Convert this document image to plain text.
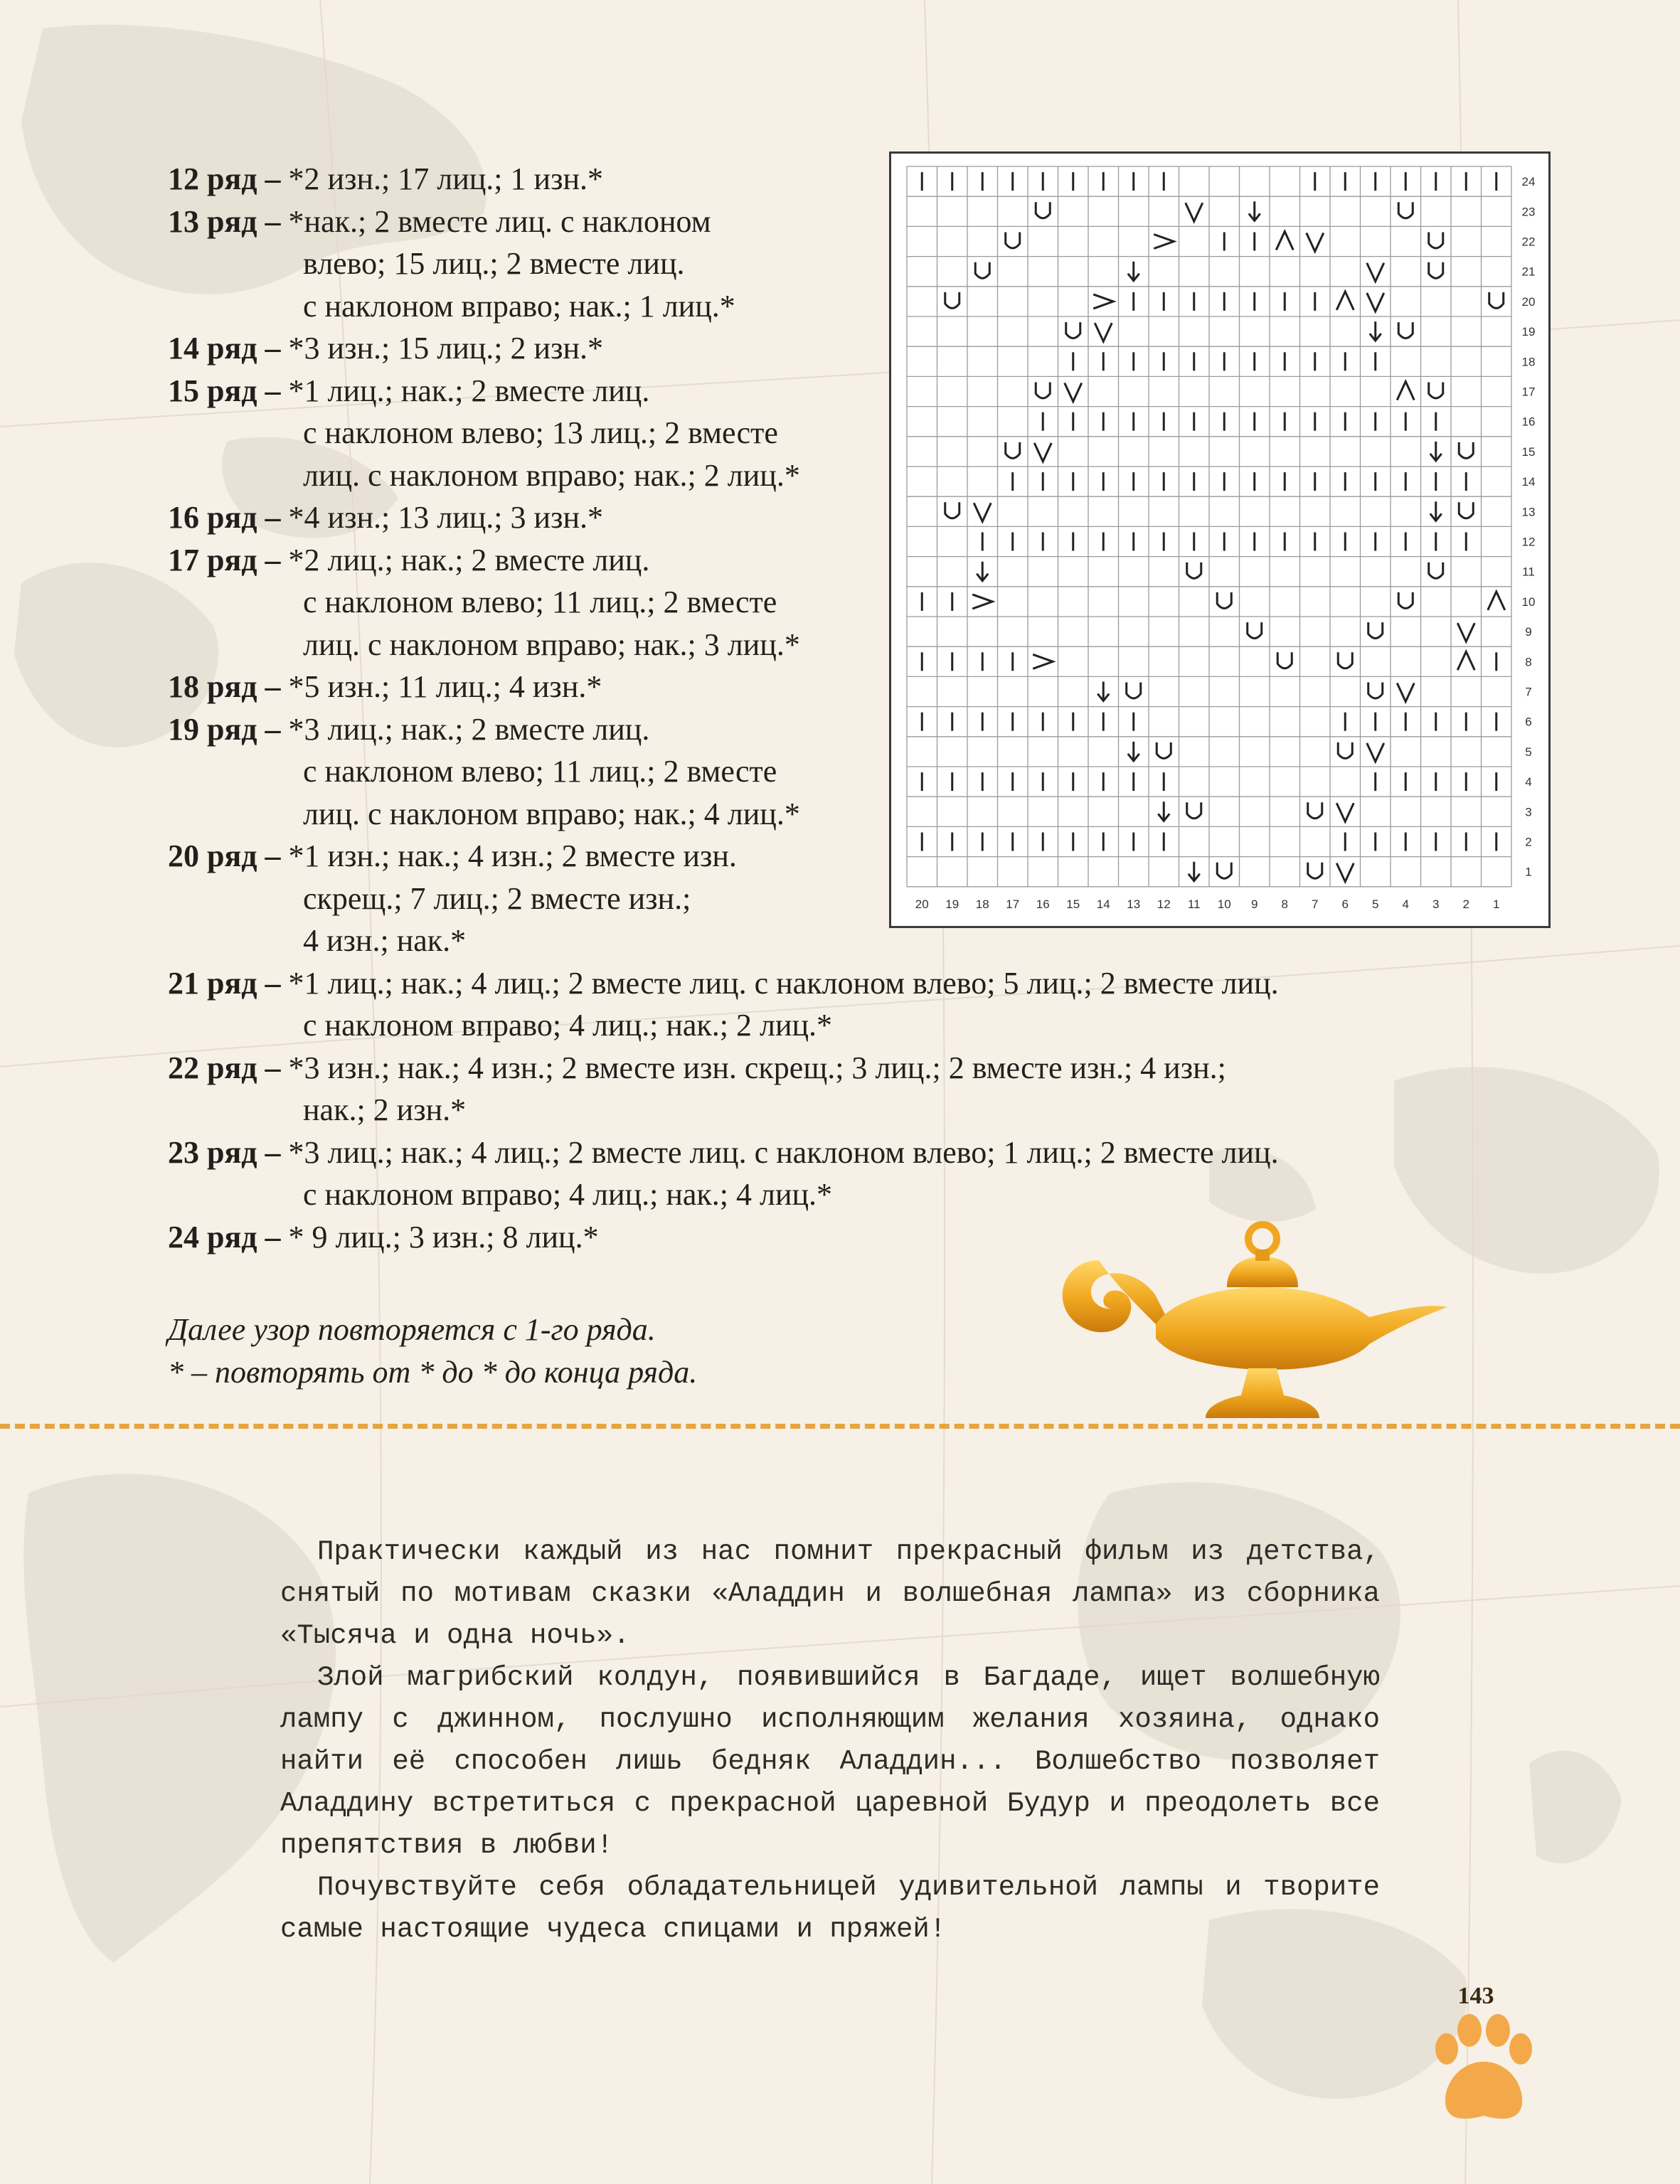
12 ряд – *2 изн.; 17 лиц.; 1 изн.*
13 ряд – *нак.; 2 вместе лиц. с наклоном
влево; 15 лиц.; 2 вместе лиц.
с наклоном вправо; нак.; 1 лиц.*
14 ряд – *3 изн.; 15 лиц.; 2 изн.*
15 ряд – *1 лиц.; нак.; 2 вместе лиц.
с наклоном влево; 13 лиц.; 2 вместе
лиц. с наклоном вправо; нак.; 2 лиц.*
16 ряд – *4 изн.; 13 лиц.; 3 изн.*
17 ряд – *2 лиц.; нак.; 2 вместе лиц.
с наклоном влево; 11 лиц.; 2 вместе
лиц. с наклоном вправо; нак.; 3 лиц.*
18 ряд – *5 изн.; 11 лиц.; 4 изн.*
19 ряд – *3 лиц.; нак.; 2 вместе лиц.
с наклоном влево; 11 лиц.; 2 вместе
лиц. с наклоном вправо; нак.; 4 лиц.*
20 ряд – *1 изн.; нак.; 4 изн.; 2 вместе изн.
скрещ.; 7 лиц.; 2 вместе изн.;
4 изн.; нак.*
21 ряд – *1 лиц.; нак.; 4 лиц.; 2 вместе лиц. с наклоном влево; 5 лиц.; 2 вместе лиц.
с наклоном вправо; 4 лиц.; нак.; 2 лиц.*
22 ряд – *3 изн.; нак.; 4 изн.; 2 вместе изн. скрещ.; 3 лиц.; 2 вместе изн.; 4 изн.;
нак.; 2 изн.*
23 ряд – *3 лиц.; нак.; 4 лиц.; 2 вместе лиц. с наклоном влево; 1 лиц.; 2 вместе лиц.
с наклоном вправо; 4 лиц.; нак.; 4 лиц.*
24 ряд – * 9 лиц.; 3 изн.; 8 лиц.*
Далее узор повторяется с 1-го ряда.
* – повторять от * до * до конца ряда.
24
23
22
21
20
19
18
17
16
15
14
13
12
11
10
9
8
7
6
5
4
3
2
1
20 19 18 17 16 15 14 13 12 11 10 9 8 7 6 5 4 3 2 1

Практически каждый из нас помнит прекрасный фильм из детства, снятый по мотивам сказки «Аладдин и волшебная лампа» из сборника «Тысяча и одна ночь».

Злой магрибский колдун, появившийся в Багдаде, ищет волшебную лампу с джинном, послушно исполняющим желания хозяина, однако найти её способен лишь бедняк Аладдин... Волшебство позволяет Аладдину встретиться с прекрасной царевной Будур и преодолеть все препятствия в любви!

Почувствуйте себя обладательницей удивительной лампы и творите самые настоящие чудеса спицами и пряжей!

143
